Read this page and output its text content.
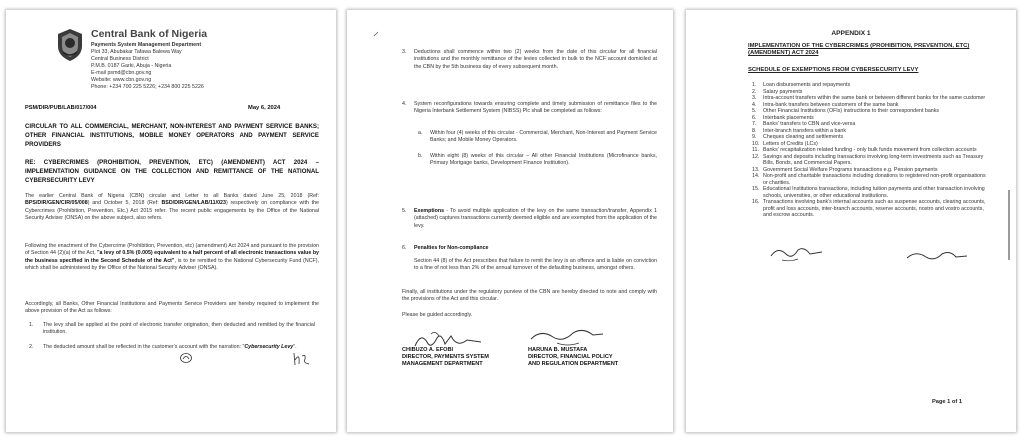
Central Bank of Nigeria
Payments System Management Department
Plot 33, Abubakar Tafawa Balewa Way
Central Business District
P.M.B. 0187 Garki, Abuja - Nigeria
E-mail psmd@cbn.gov.ng
Website: www.cbn.gov.ng
Phone: +234 700 225 5226; +234 800 225 5226
PSM/DIR/PUB/LAB/017/004	May 6, 2024
CIRCULAR TO ALL COMMERCIAL, MERCHANT, NON-INTEREST AND PAYMENT SERVICE BANKS; OTHER FINANCIAL INSTITUTIONS, MOBILE MONEY OPERATORS AND PAYMENT SERVICE PROVIDERS
RE: CYBERCRIMES (PROHIBITION, PREVENTION, ETC) (AMENDMENT) ACT 2024 – IMPLEMENTATION GUIDANCE ON THE COLLECTION AND REMITTANCE OF THE NATIONAL CYBERSECURITY LEVY
The earlier Central Bank of Nigeria (CBN) circular and Letter to all Banks dated June 25, 2018 (Ref: BPS/DIR/GEN/CIR/05/008) and October 5, 2018 (Ref: BSD/DIR/GEN/LAB/11/023) respectively on compliance with the Cybercrimes (Prohibition, Prevention, Etc.) Act 2015 refer. The recent public engagements by the Office of the National Security Adviser (ONSA) on the above subject, also refers.
Following the enactment of the Cybercrime (Prohibition, Prevention, etc) (amendment) Act 2024 and pursuant to the provision of Section 44 (2)(a) of the Act, "a levy of 0.5% (0.005) equivalent to a half percent of all electronic transactions value by the business specified in the Second Schedule of the Act", is to be remitted to the National Cybersecurity Fund (NCF), which shall be administered by the Office of the National Security Adviser (ONSA).
Accordingly, all Banks, Other Financial Institutions and Payments Service Providers are hereby required to implement the above provision of the Act as follows:
1. The levy shall be applied at the point of electronic transfer origination, then deducted and remitted by the financial institution.
2. The deducted amount shall be reflected in the customer's account with the narration: "Cybersecurity Levy".
3. Deductions shall commence within two (2) weeks from the date of this circular for all financial institutions and the monthly remittance of the levies collected in bulk to the NCF account domiciled at the CBN by the 5th business day of every subsequent month.
4. System reconfigurations towards ensuring complete and timely submission of remittance files to the Nigeria Interbank Settlement System (NIBSS) Plc shall be completed as follows:
a. Within four (4) weeks of this circular - Commercial, Merchant, Non-Interest and Payment Service Banks; and Mobile Money Operators.
b. Within eight (8) weeks of this circular – All other Financial Institutions (Microfinance banks, Primary Mortgage banks, Development Finance Institution).
5. Exemptions - To avoid multiple application of the levy on the same transaction/transfer, Appendix 1 (attached) captures transactions currently deemed eligible and are exempted from the application of the levy.
6. Penalties for Non-compliance
Section 44 (8) of the Act prescribes that failure to remit the levy is an offence and is liable on conviction to a fine of not less than 2% of the annual turnover of the defaulting business, amongst others.
Finally, all institutions under the regulatory purview of the CBN are hereby directed to note and comply with the provisions of the Act and this circular.
Please be guided accordingly.
CHIBUZO A. EFOBI
DIRECTOR, PAYMENTS SYSTEM
MANAGEMENT DEPARTMENT
HARUNA B. MUSTAFA
DIRECTOR, FINANCIAL POLICY
AND REGULATION DEPARTMENT
APPENDIX 1
IMPLEMENTATION OF THE CYBERCRIMES (PROHIBITION, PREVENTION, ETC) (AMENDMENT) ACT 2024
SCHEDULE OF EXEMPTIONS FROM CYBERSECURITY LEVY
1. Loan disbursements and repayments
2. Salary payments
3. Intra-account transfers within the same bank or between different banks for the same customer
4. Intra-bank transfers between customers of the same bank
5. Other Financial Institutions (OFIs) instructions to their correspondent banks
6. Interbank placements
7. Banks' transfers to CBN and vice-versa
8. Inter-branch transfers within a bank
9. Cheques clearing and settlements
10. Letters of Credits (LCs)
11. Banks' recapitalization related funding - only bulk funds movement from collection accounts
12. Savings and deposits including transactions involving long-term investments such as Treasury Bills, Bonds, and Commercial Papers.
13. Government Social Welfare Programs transactions e.g. Pension payments
14. Non-profit and charitable transactions including donations to registered non-profit organisations or charities.
15. Educational Institutions transactions, including tuition payments and other transaction involving schools, universities, or other educational institutions.
16. Transactions involving bank's internal accounts such as suspense accounts, clearing accounts, profit and loss accounts, inter-branch accounts, reserve accounts, nostro and vostro accounts, and escrow accounts.
Page 1 of 1
